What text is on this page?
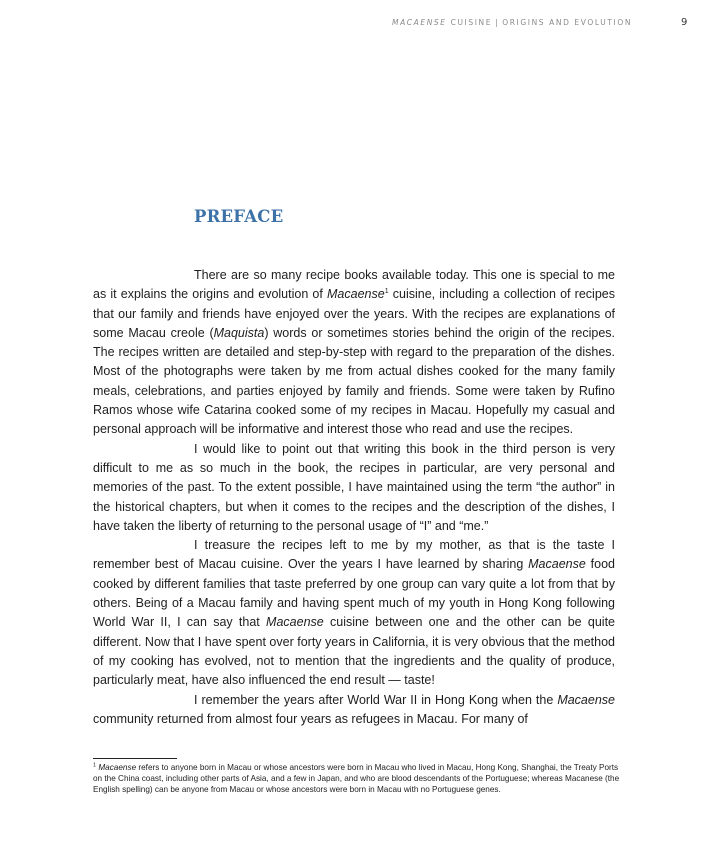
MACAENSE CUISINE | ORIGINS AND EVOLUTION	9
PREFACE

There are so many recipe books available today. This one is special to me as it explains the origins and evolution of Macaense$^1$ cuisine, including a collection of recipes that our family and friends have enjoyed over the years. With the recipes are explanations of some Macau creole (Maquista) words or sometimes stories behind the origin of the recipes. The recipes written are detailed and step-by-step with regard to the preparation of the dishes. Most of the photographs were taken by me from actual dishes cooked for the many family meals, celebrations, and parties enjoyed by family and friends. Some were taken by Rufino Ramos whose wife Catarina cooked some of my recipes in Macau. Hopefully my casual and personal approach will be informative and interest those who read and use the recipes.

I would like to point out that writing this book in the third person is very difficult to me as so much in the book, the recipes in particular, are very personal and memories of the past. To the extent possible, I have maintained using the term “the author” in the historical chapters, but when it comes to the recipes and the description of the dishes, I have taken the liberty of returning to the personal usage of “I” and “me.”

I treasure the recipes left to me by my mother, as that is the taste I remember best of Macau cuisine. Over the years I have learned by sharing Macaense food cooked by different families that taste preferred by one group can vary quite a lot from that by others. Being of a Macau family and having spent much of my youth in Hong Kong following World War II, I can say that Macaense cuisine between one and the other can be quite different. Now that I have spent over forty years in California, it is very obvious that the method of my cooking has evolved, not to mention that the ingredients and the quality of produce, particularly meat, have also influenced the end result — taste!

I remember the years after World War II in Hong Kong when the Macaense community returned from almost four years as refugees in Macau. For many of

$^1$ Macaense refers to anyone born in Macau or whose ancestors were born in Macau who lived in Macau, Hong Kong, Shanghai, the Treaty Ports on the China coast, including other parts of Asia, and a few in Japan, and who are blood descendants of the Portuguese; whereas Macanese (the English spelling) can be anyone from Macau or whose ancestors were born in Macau with no Portuguese genes.
